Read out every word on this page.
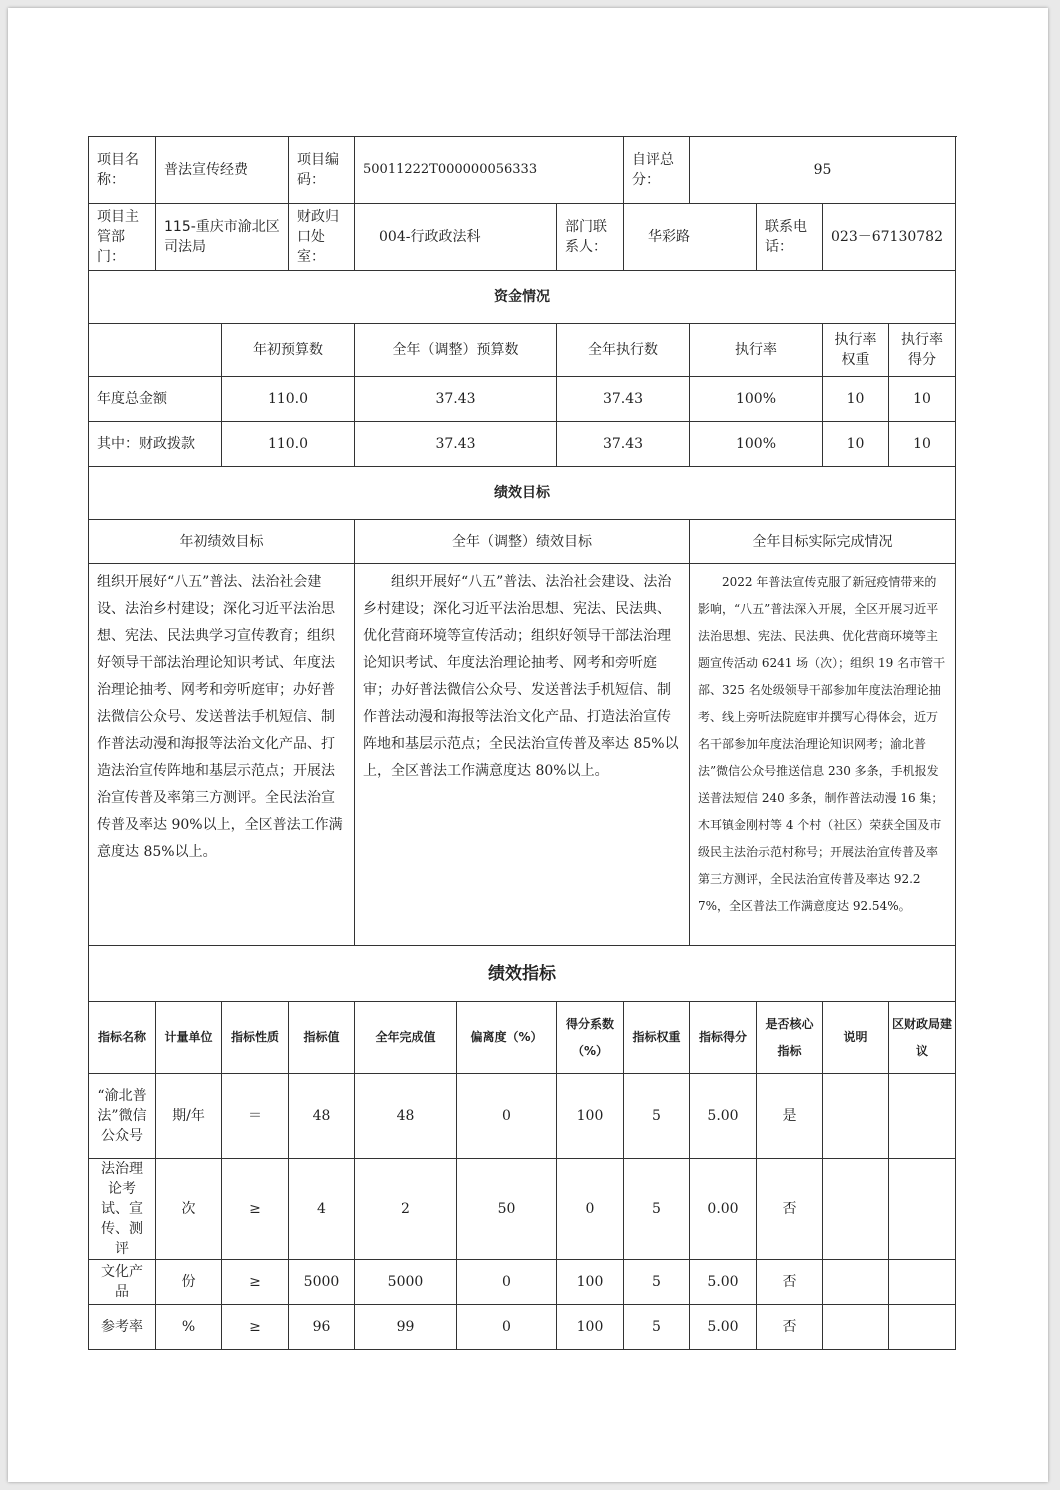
项目名称：	普法宣传经费		项目编码：	50011222T000000056333			自评总分：	95			
项目主管部门：	115-重庆市渝北区司法局		财政归口处室：	004-行政政法科		部门联系人：	华彩路		联系电话：	023－67130782	
资金情况											
		年初预算数		全年（调整）预算数		全年执行数		执行率		执行率权重	执行率得分
年度总金额		110.0		37.43		37.43		100%		10	10
其中：财政拨款		110.0		37.43		37.43		100%		10	10
绩效目标											
年初绩效目标				全年（调整）绩效目标				全年目标实际完成情况			
组织开展好“八五”普法、法治社会建设、法治乡村建设；深化习近平法治思想、宪法、民法典学习宣传教育；组织好领导干部法治理论知识考试、年度法治理论抽考、网考和旁听庭审；办好普法微信公众号、发送普法手机短信、制作普法动漫和海报等法治文化产品、打造法治宣传阵地和基层示范点；开展法治宣传普及率第三方测评。全民法治宣传普及率达 90%以上，全区普法工作满意度达 85%以上。				组织开展好“八五”普法、法治社会建设、法治乡村建设；深化习近平法治思想、宪法、民法典、优化营商环境等宣传活动；组织好领导干部法治理论知识考试、年度法治理论抽考、网考和旁听庭审；办好普法微信公众号、发送普法手机短信、制作普法动漫和海报等法治文化产品、打造法治宣传阵地和基层示范点；全民法治宣传普及率达 85%以上，全区普法工作满意度达 80%以上。				2022 年普法宣传克服了新冠疫情带来的影响，“八五”普法深入开展，全区开展习近平法治思想、宪法、民法典、优化营商环境等主题宣传活动 6241 场（次）；组织 19 名市管干部、325 名处级领导干部参加年度法治理论抽考、线上旁听法院庭审并撰写心得体会，近万名干部参加年度法治理论知识网考；渝北普法”微信公众号推送信息 230 多条，手机报发送普法短信 240 多条，制作普法动漫 16 集；木耳镇金刚村等 4 个村（社区）荣获全国及市级民主法治示范村称号；开展法治宣传普及率第三方测评，全民法治宣传普及率达 92.27%，全区普法工作满意度达 92.54%。			
绩效指标											
指标名称	计量单位	指标性质	指标值	全年完成值	偏离度（%）	得分系数（%）	指标权重	指标得分	是否核心指标	说明	区财政局建议
“渝北普法”微信公众号	期/年	＝	48	48	0	100	5	5.00	是		
法治理论考试、宣传、测评	次	≥	4	2	50	0	5	0.00	否		
文化产品	份	≥	5000	5000	0	100	5	5.00	否		
参考率	%	≥	96	99	0	100	5	5.00	否		
